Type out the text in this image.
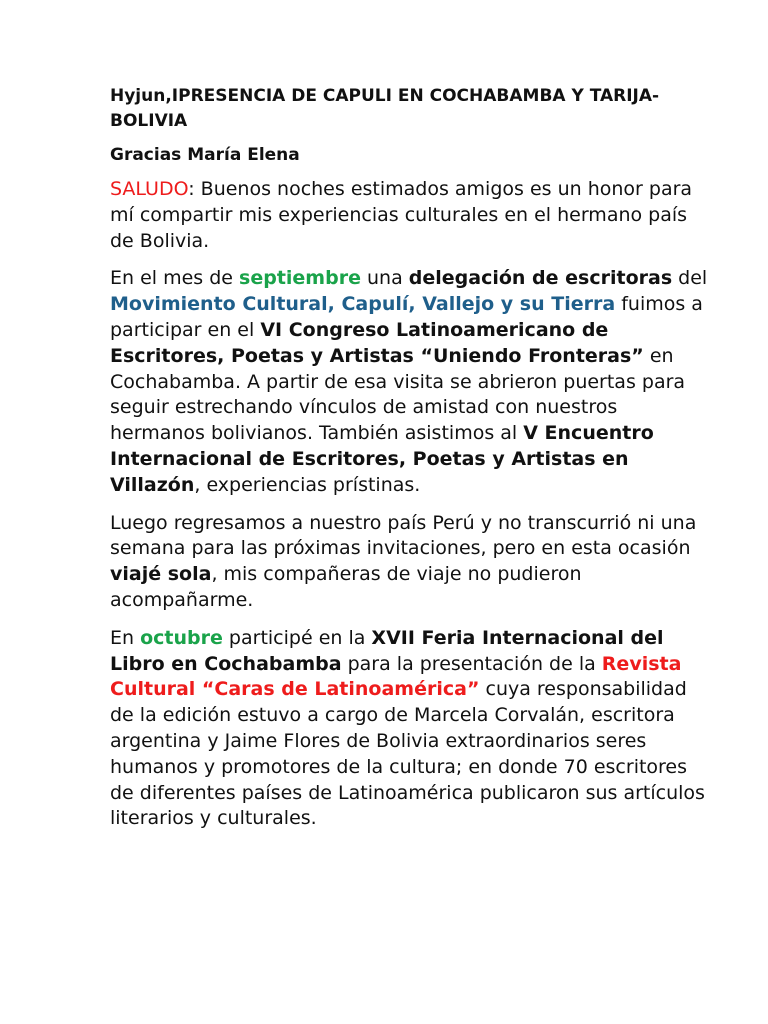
Hyjun,IPRESENCIA DE CAPULI EN COCHABAMBA Y TARIJA- BOLIVIA

Gracias María Elena

SALUDO: Buenos noches estimados amigos es un honor para mí compartir mis experiencias culturales en el hermano país de Bolivia.

En el mes de septiembre una delegación de escritoras del Movimiento Cultural, Capulí, Vallejo y su Tierra fuimos a participar en el VI Congreso Latinoamericano de Escritores, Poetas y Artistas “Uniendo Fronteras” en Cochabamba. A partir de esa visita se abrieron puertas para seguir estrechando vínculos de amistad con nuestros hermanos bolivianos. También asistimos al V Encuentro Internacional de Escritores, Poetas y Artistas en Villazón, experiencias prístinas.

Luego regresamos a nuestro país Perú y no transcurrió ni una semana para las próximas invitaciones, pero en esta ocasión viajé sola, mis compañeras de viaje no pudieron acompañarme.

En octubre participé en la XVII Feria Internacional del Libro en Cochabamba para la presentación de la Revista Cultural “Caras de Latinoamérica” cuya responsabilidad de la edición estuvo a cargo de Marcela Corvalán, escritora argentina y Jaime Flores de Bolivia extraordinarios seres humanos y promotores de la cultura; en donde 70 escritores de diferentes países de Latinoamérica publicaron sus artículos literarios y culturales.
